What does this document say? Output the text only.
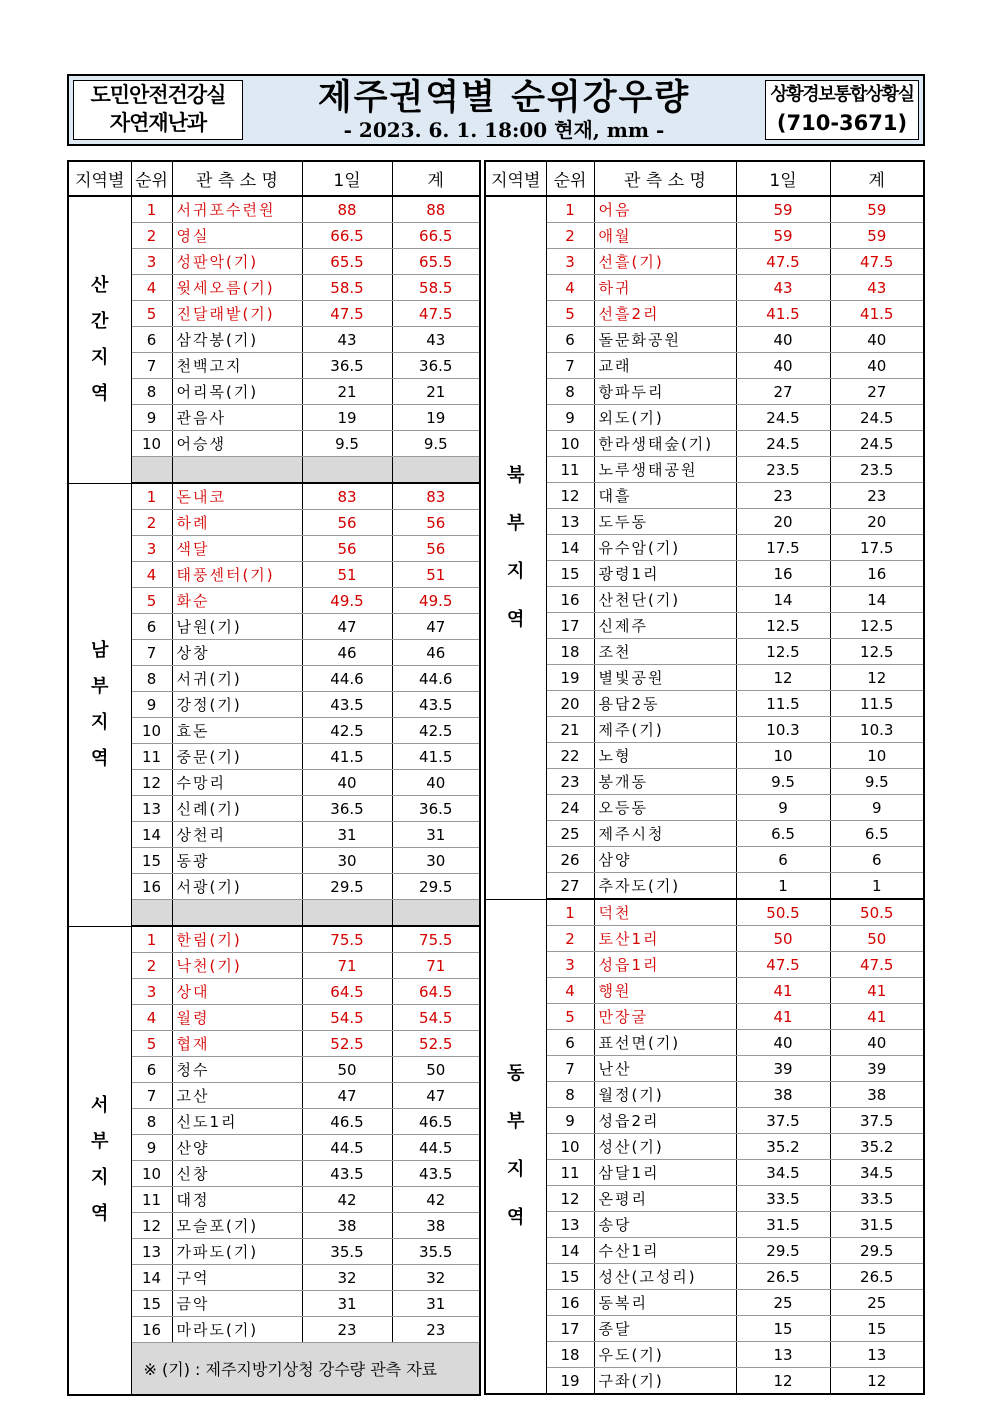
도민안전건강실
자연재난과
제주권역별 순위강우량
- 2023. 6. 1. 18:00 현재, mm -
상황경보통합상황실
(710-3671)
지역별	순위	관 측 소 명	1일	계

산
간
지
역	1	서귀포수련원	88	88
	2	영실	66.5	66.5
	3	성판악(기)	65.5	65.5
	4	윗세오름(기)	58.5	58.5
	5	진달래밭(기)	47.5	47.5
	6	삼각봉(기)	43	43
	7	천백고지	36.5	36.5
	8	어리목(기)	21	21
	9	관음사	19	19
	10	어승생	9.5	9.5

남
부
지
역	1	돈내코	83	83
	2	하례	56	56
	3	색달	56	56
	4	태풍센터(기)	51	51
	5	화순	49.5	49.5
	6	남원(기)	47	47
	7	상창	46	46
	8	서귀(기)	44.6	44.6
	9	강정(기)	43.5	43.5
	10	효돈	42.5	42.5
	11	중문(기)	41.5	41.5
	12	수망리	40	40
	13	신례(기)	36.5	36.5
	14	상천리	31	31
	15	동광	30	30
	16	서광(기)	29.5	29.5

서
부
지
역	1	한림(기)	75.5	75.5
	2	낙천(기)	71	71
	3	상대	64.5	64.5
	4	월령	54.5	54.5
	5	협재	52.5	52.5
	6	청수	50	50
	7	고산	47	47
	8	신도1리	46.5	46.5
	9	산양	44.5	44.5
	10	신창	43.5	43.5
	11	대정	42	42
	12	모슬포(기)	38	38
	13	가파도(기)	35.5	35.5
	14	구억	32	32
	15	금악	31	31
	16	마라도(기)	23	23
	※ (기) : 제주지방기상청 강수량 관측 자료			
지역별	순위	관 측 소 명	1일	계

북
부
지
역	1	어음	59	59
	2	애월	59	59
	3	선흘(기)	47.5	47.5
	4	하귀	43	43
	5	선흘2리	41.5	41.5
	6	돌문화공원	40	40
	7	교래	40	40
	8	항파두리	27	27
	9	외도(기)	24.5	24.5
	10	한라생태숲(기)	24.5	24.5
	11	노루생태공원	23.5	23.5
	12	대흘	23	23
	13	도두동	20	20
	14	유수암(기)	17.5	17.5
	15	광령1리	16	16
	16	산천단(기)	14	14
	17	신제주	12.5	12.5
	18	조천	12.5	12.5
	19	별빛공원	12	12
	20	용담2동	11.5	11.5
	21	제주(기)	10.3	10.3
	22	노형	10	10
	23	봉개동	9.5	9.5
	24	오등동	9	9
	25	제주시청	6.5	6.5
	26	삼양	6	6
	27	추자도(기)	1	1

동
부
지
역	1	덕천	50.5	50.5
	2	토산1리	50	50
	3	성읍1리	47.5	47.5
	4	행원	41	41
	5	만장굴	41	41
	6	표선면(기)	40	40
	7	난산	39	39
	8	월정(기)	38	38
	9	성읍2리	37.5	37.5
	10	성산(기)	35.2	35.2
	11	삼달1리	34.5	34.5
	12	온평리	33.5	33.5
	13	송당	31.5	31.5
	14	수산1리	29.5	29.5
	15	성산(고성리)	26.5	26.5
	16	동복리	25	25
	17	종달	15	15
	18	우도(기)	13	13
	19	구좌(기)	12	12
